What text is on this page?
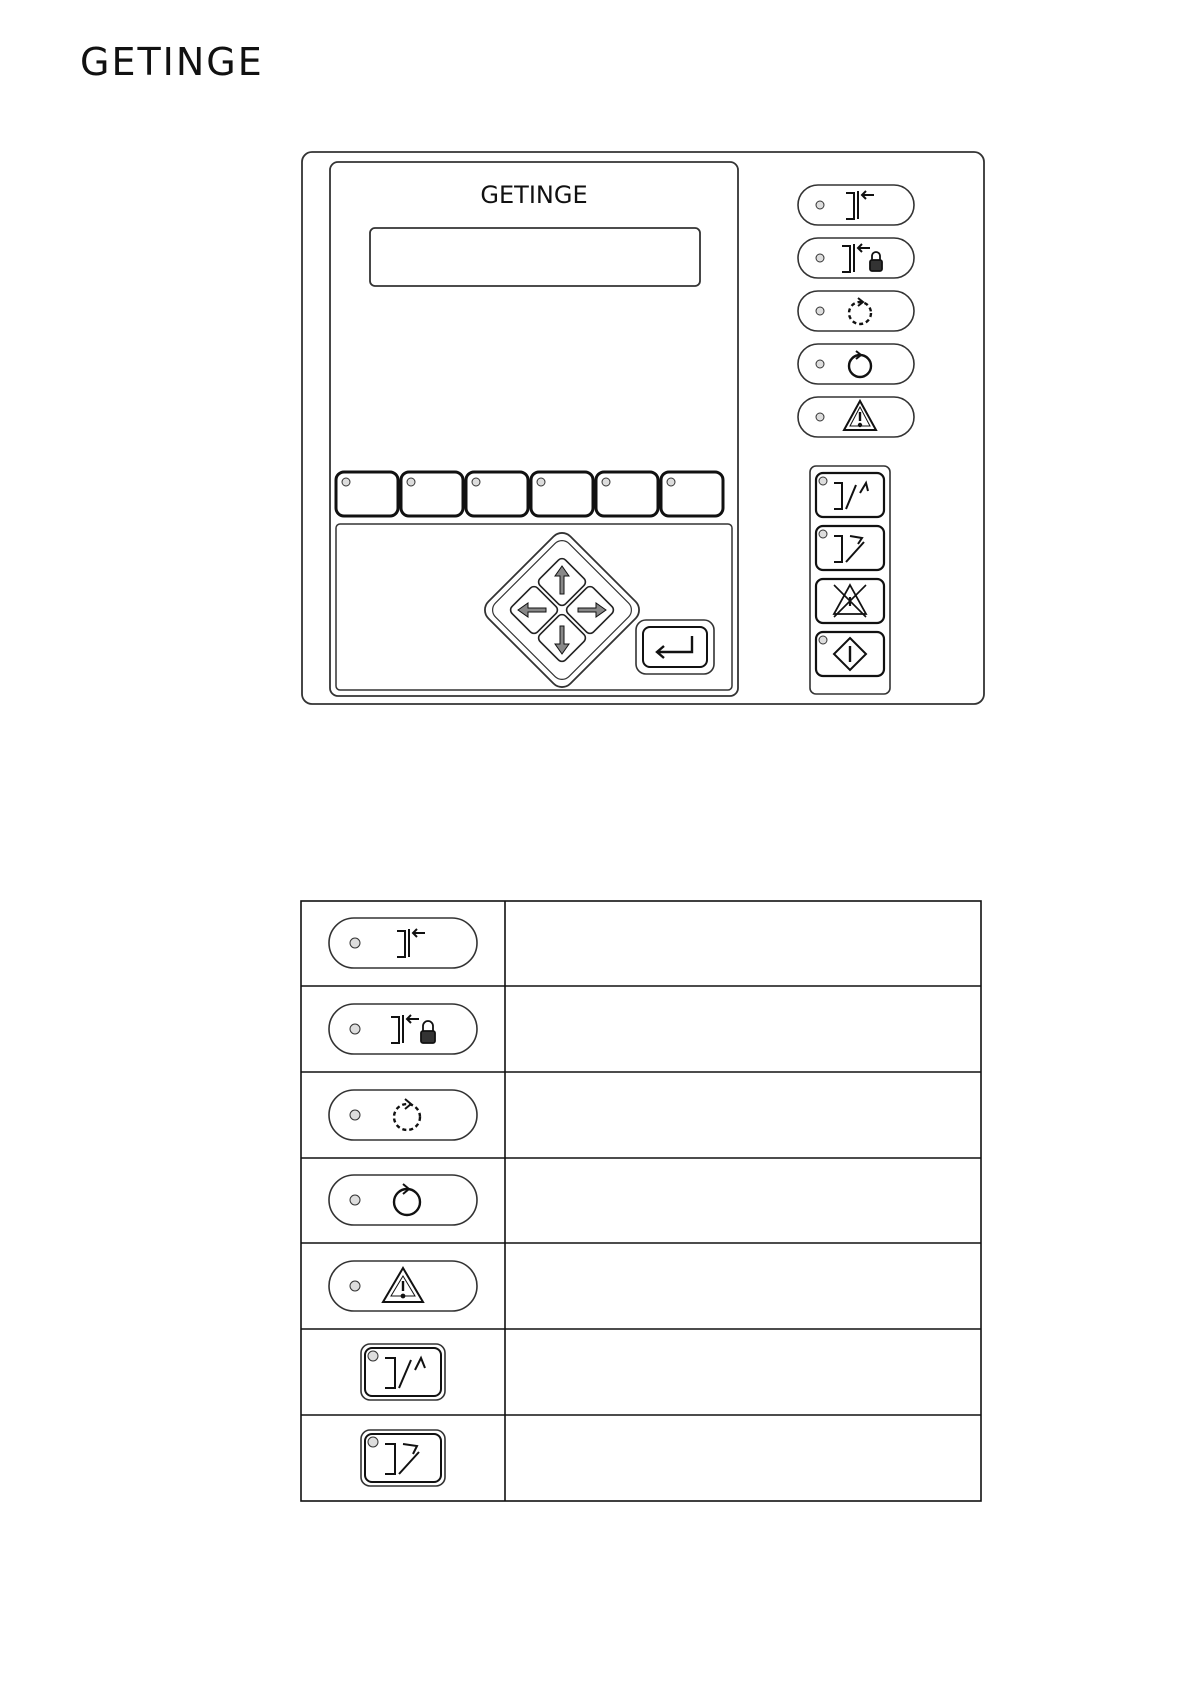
GETINGE
GETINGE
